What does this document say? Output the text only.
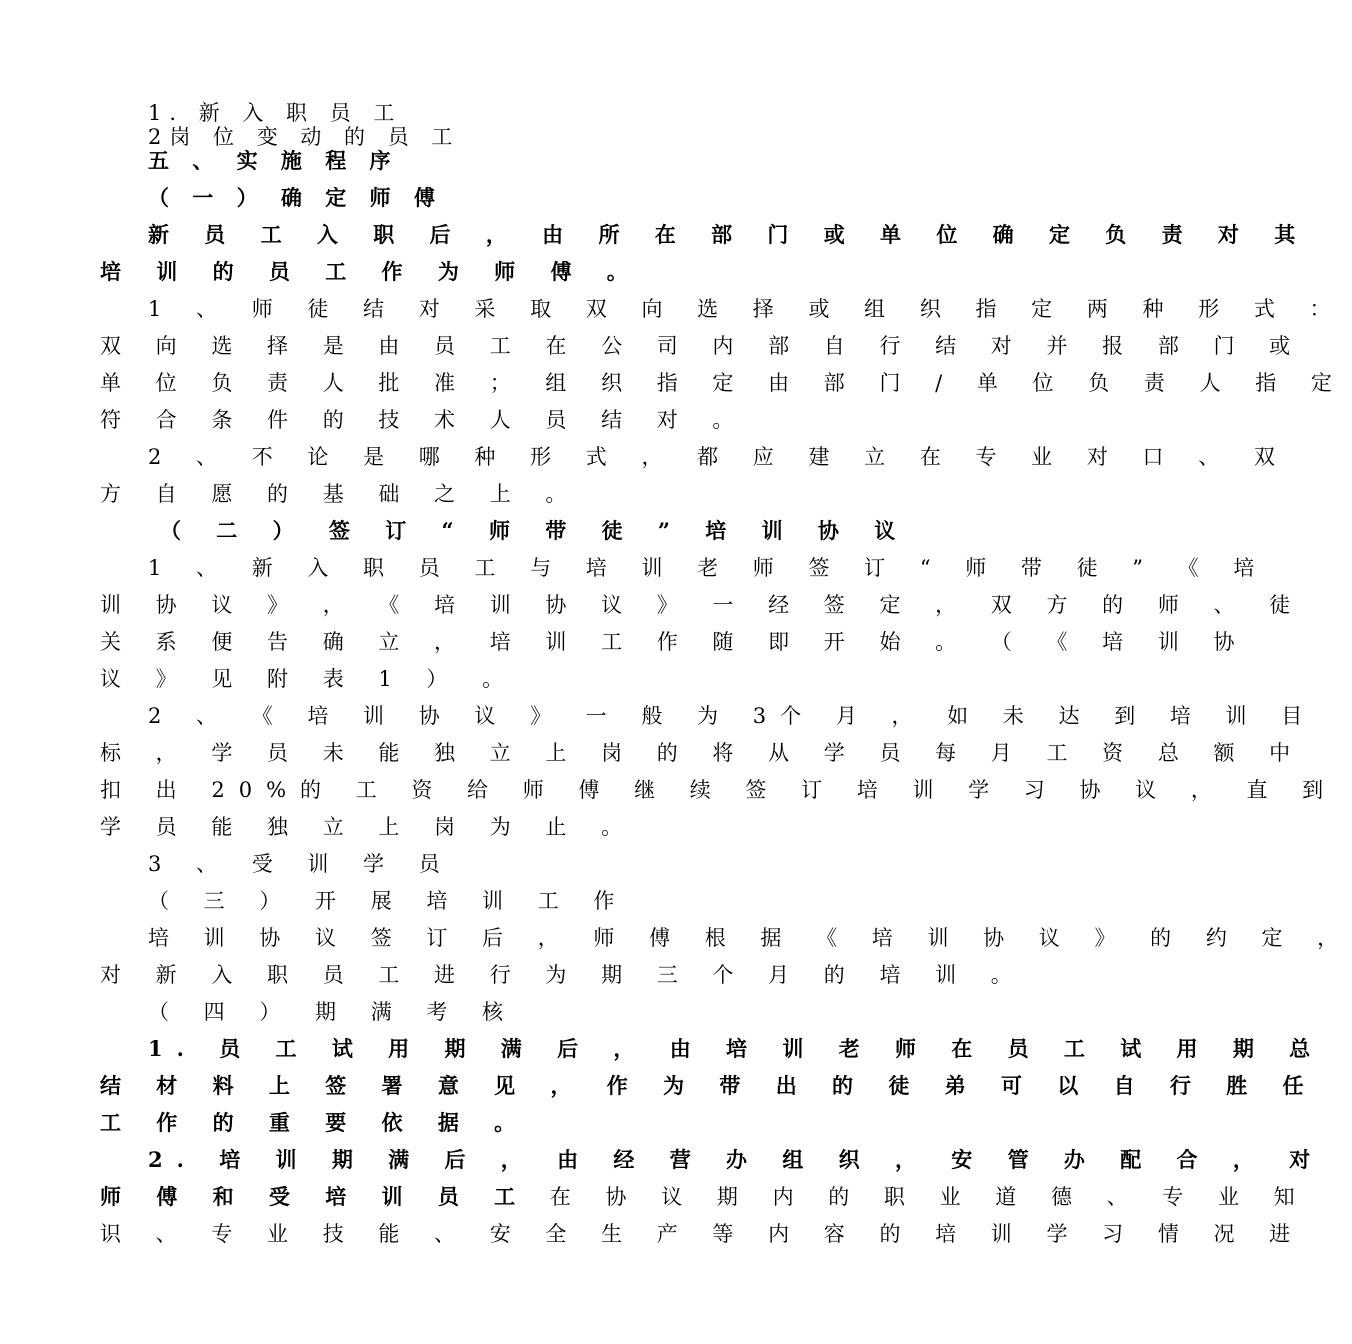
1. 新 入 职 员 工
2岗 位 变 动 的 员 工
五 、 实 施 程 序
（ 一 ） 确 定 师 傅
新 员 工 入 职 后 ， 由 所 在 部 门 或 单 位 确 定 负 责 对 其
培 训 的 员 工 作 为 师 傅 。
1 、 师 徒 结 对 采 取 双 向 选 择 或 组 织 指 定 两 种 形 式 ：
双 向 选 择 是 由 员 工 在 公 司 内 部 自 行 结 对 并 报 部 门 或
单 位 负 责 人 批 准 ； 组 织 指 定 由 部 门 / 单 位 负 责 人 指 定
符 合 条 件 的 技 术 人 员 结 对 。
2 、 不 论 是 哪 种 形 式 ， 都 应 建 立 在 专 业 对 口 、 双
方 自 愿 的 基 础 之 上 。
（ 二 ） 签 订 “ 师 带 徒 ” 培 训 协 议
1 、 新 入 职 员 工 与 培 训 老 师 签 订 “ 师 带 徒 ” 《 培
训 协 议 》 ， 《 培 训 协 议 》 一 经 签 定 ， 双 方 的 师 、 徒
关 系 便 告 确 立 ， 培 训 工 作 随 即 开 始 。 （ 《 培 训 协
议 》 见 附 表 1 ） 。
2 、 《 培 训 协 议 》 一 般 为 3个 月 ， 如 未 达 到 培 训 目
标 ， 学 员 未 能 独 立 上 岗 的 将 从 学 员 每 月 工 资 总 额 中
扣 出 20%的 工 资 给 师 傅 继 续 签 订 培 训 学 习 协 议 ， 直 到
学 员 能 独 立 上 岗 为 止 。
3 、 受 训 学 员
（ 三 ） 开 展 培 训 工 作
培 训 协 议 签 订 后 ， 师 傅 根 据 《 培 训 协 议 》 的 约 定 ，
对 新 入 职 员 工 进 行 为 期 三 个 月 的 培 训 。
（ 四 ） 期 满 考 核
1. 员 工 试 用 期 满 后 ， 由 培 训 老 师 在 员 工 试 用 期 总
结 材 料 上 签 署 意 见 ， 作 为 带 出 的 徒 弟 可 以 自 行 胜 任
工 作 的 重 要 依 据 。
2. 培 训 期 满 后 ， 由 经 营 办 组 织 ， 安 管 办 配 合 ， 对
师 傅 和 受 培 训 员 工 在 协 议 期 内 的 职 业 道 德 、 专 业 知
识 、 专 业 技 能 、 安 全 生 产 等 内 容 的 培 训 学 习 情 况 进
